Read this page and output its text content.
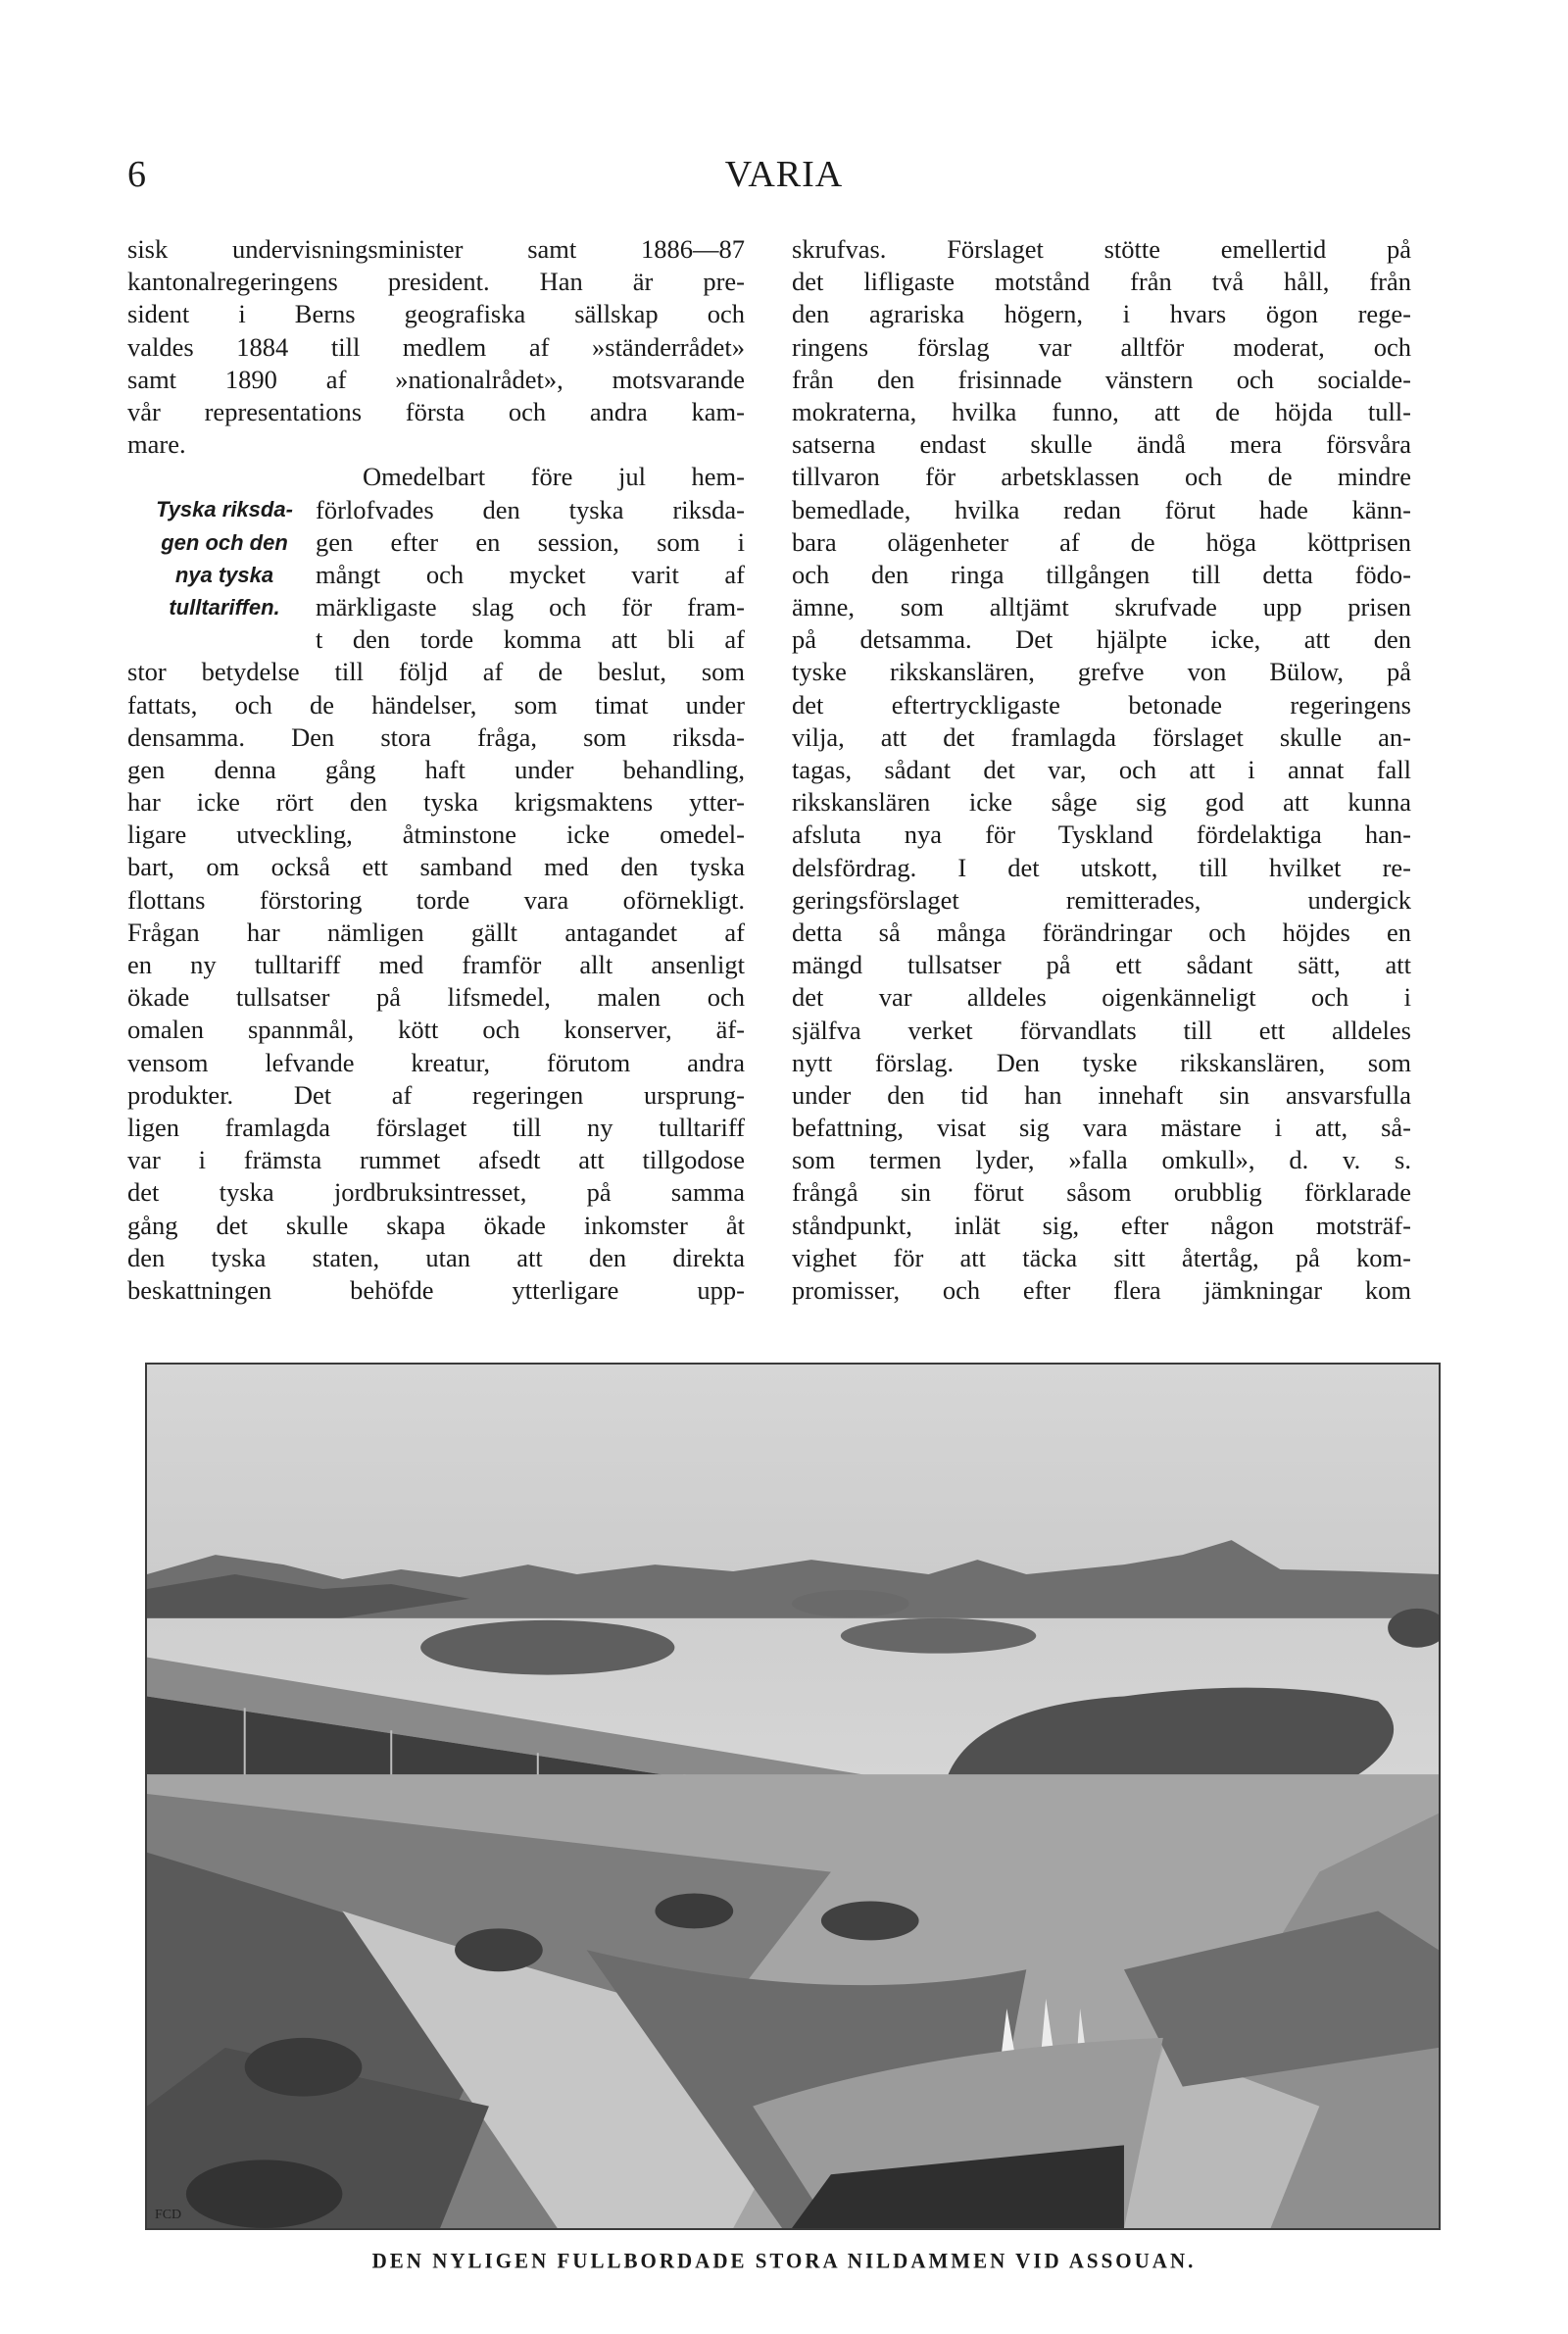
6	VARIA
sisk undervisningsminister samt 1886—87
kantonalregeringens president. Han är pre-
sident i Berns geografiska sällskap och
valdes 1884 till medlem af »ständerrådet»
samt 1890 af »nationalrådet», motsvarande
vår representations första och andra kam-
mare.
Tyska riksda-
gen och den
nya tyska
tulltariffen.
Omedelbart före jul hem-
förlofvades den tyska riksda-
gen efter en session, som i
mångt och mycket varit af
märkligaste slag och för fram-
t den torde komma att bli af
stor betydelse till följd af de beslut, som
fattats, och de händelser, som timat under
densamma. Den stora fråga, som riksda-
gen denna gång haft under behandling,
har icke rört den tyska krigsmaktens ytter-
ligare utveckling, åtminstone icke omedel-
bart, om också ett samband med den tyska
flottans förstoring torde vara oförnekligt.
Frågan har nämligen gällt antagandet af
en ny tulltariff med framför allt ansenligt
ökade tullsatser på lifsmedel, malen och
omalen spannmål, kött och konserver, äf-
vensom lefvande kreatur, förutom andra
produkter. Det af regeringen ursprung-
ligen framlagda förslaget till ny tulltariff
var i främsta rummet afsedt att tillgodose
det tyska jordbruksintresset, på samma
gång det skulle skapa ökade inkomster åt
den tyska staten, utan att den direkta
beskattningen behöfde ytterligare upp-
skrufvas. Förslaget stötte emellertid på
det lifligaste motstånd från två håll, från
den agrariska högern, i hvars ögon rege-
ringens förslag var alltför moderat, och
från den frisinnade vänstern och socialde-
mokraterna, hvilka funno, att de höjda tull-
satserna endast skulle ändå mera försvåra
tillvaron för arbetsklassen och de mindre
bemedlade, hvilka redan förut hade känn-
bara olägenheter af de höga köttprisen
och den ringa tillgången till detta födo-
ämne, som alltjämt skrufvade upp prisen
på detsamma. Det hjälpte icke, att den
tyske rikskanslären, grefve von Bülow, på
det eftertryckligaste betonade regeringens
vilja, att det framlagda förslaget skulle an-
tagas, sådant det var, och att i annat fall
rikskanslären icke såge sig god att kunna
afsluta nya för Tyskland fördelaktiga han-
delsfördrag. I det utskott, till hvilket re-
geringsförslaget remitterades, undergick
detta så många förändringar och höjdes en
mängd tullsatser på ett sådant sätt, att
det var alldeles oigenkänneligt och i
själfva verket förvandlats till ett alldeles
nytt förslag. Den tyske rikskanslären, som
under den tid han innehaft sin ansvarsfulla
befattning, visat sig vara mästare i att, så-
som termen lyder, »falla omkull», d. v. s.
frångå sin förut såsom orubblig förklarade
ståndpunkt, inlät sig, efter någon motsträf-
vighet för att täcka sitt återtåg, på kom-
promisser, och efter flera jämkningar kom
FCD
DEN NYLIGEN FULLBORDADE STORA NILDAMMEN VID ASSOUAN.
